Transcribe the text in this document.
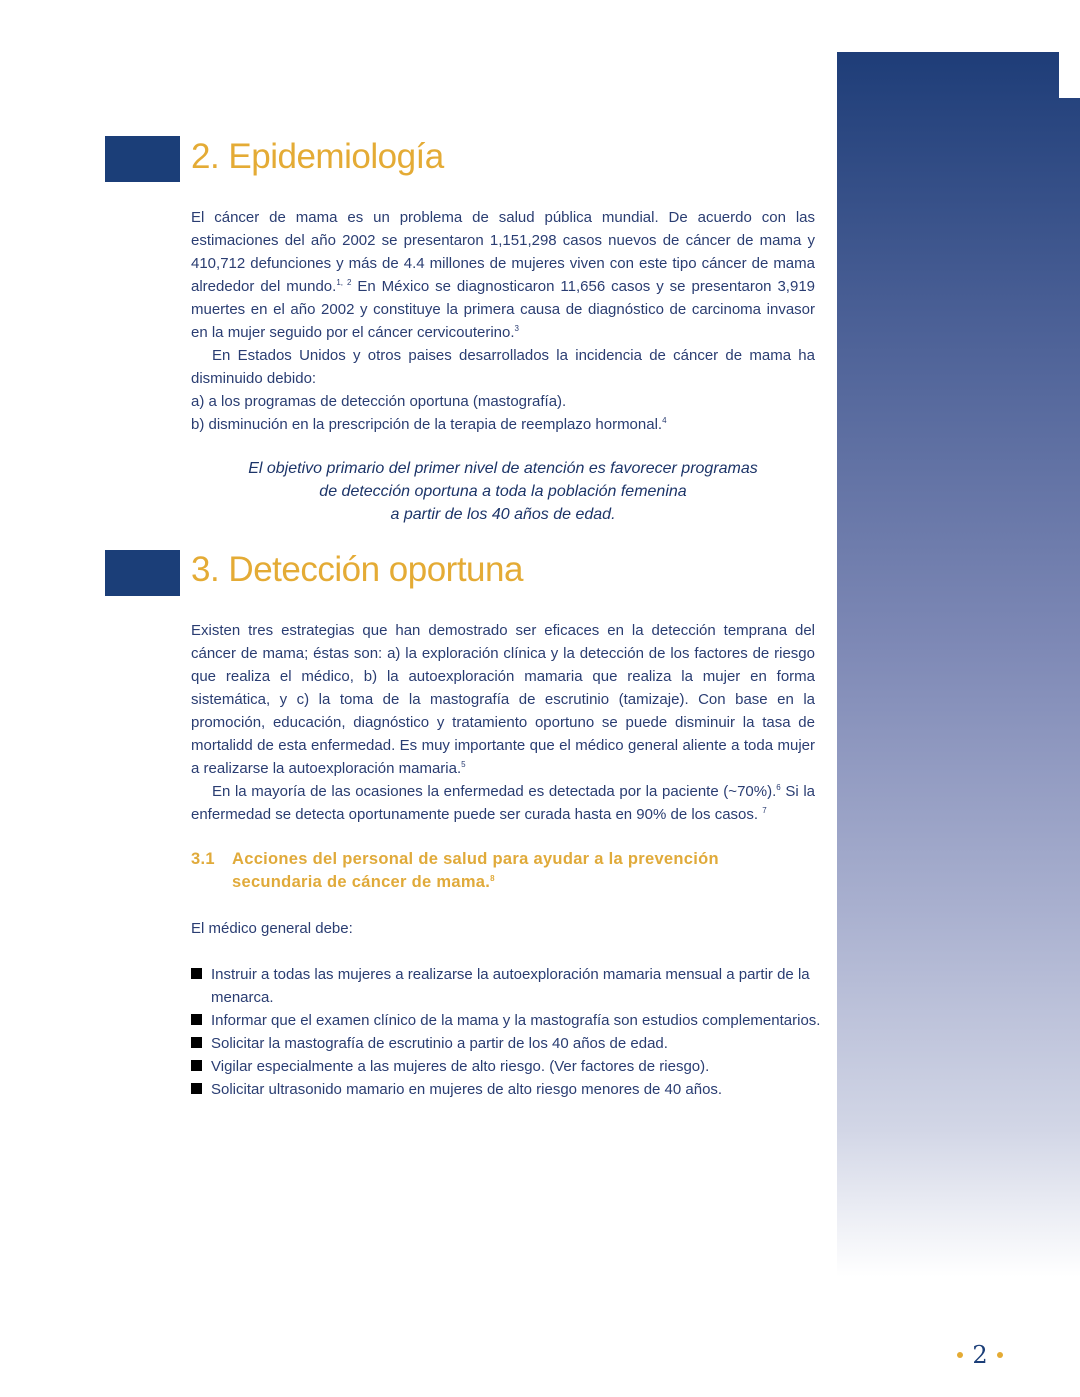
2. Epidemiología

El cáncer de mama es un problema de salud pública mundial. De acuerdo con las estimaciones del año 2002 se presentaron 1,151,298 casos nuevos de cáncer de mama y 410,712 defunciones y más de 4.4 millones de mujeres viven con este tipo cáncer de mama alrededor del mundo.$^{1, 2}$ En México se diagnosticaron 11,656 casos y se presentaron 3,919 muertes en el año 2002 y constituye la primera causa de diagnóstico de carcinoma invasor en la mujer seguido por el cáncer cervicouterino.$^3$

En Estados Unidos y otros paises desarrollados la incidencia de cáncer de mama ha disminuido debido:

a) a los programas de detección oportuna (mastografía).

b) disminución en la prescripción de la terapia de reemplazo hormonal.$^4$

El objetivo primario del primer nivel de atención es favorecer programas
de detección oportuna a toda la población femenina
a partir de los 40 años de edad.
3. Detección oportuna

Existen tres estrategias que han demostrado ser eficaces en la detección temprana del cáncer de mama; éstas son: a) la exploración clínica y la detección de los factores de riesgo que realiza el médico, b) la autoexploración mamaria que realiza la mujer en forma sistemática, y c) la toma de la mastografía de escrutinio (tamizaje). Con base en la promoción, educación, diagnóstico y tratamiento oportuno se puede disminuir la tasa de mortalidd de esta enfermedad. Es muy importante que el médico general aliente a toda mujer a realizarse la autoexploración mamaria.$^5$

En la mayoría de las ocasiones la enfermedad es detectada por la paciente (~70%).$^6$ Si la enfermedad se detecta oportunamente puede ser curada hasta en 90% de los casos. $^7$

3.1 Acciones del personal de salud para ayudar a la prevención
secundaria de cáncer de mama.$^8$

El médico general debe:

Instruir a todas las mujeres a realizarse la autoexploración mamaria mensual a partir de la menarca.
Informar que el examen clínico de la mama y la mastografía son estudios complementarios.
Solicitar la mastografía de escrutinio a partir de los 40 años de edad.
Vigilar especialmente a las mujeres de alto riesgo. (Ver factores de riesgo).
Solicitar ultrasonido mamario en mujeres de alto riesgo menores de 40 años.
2
